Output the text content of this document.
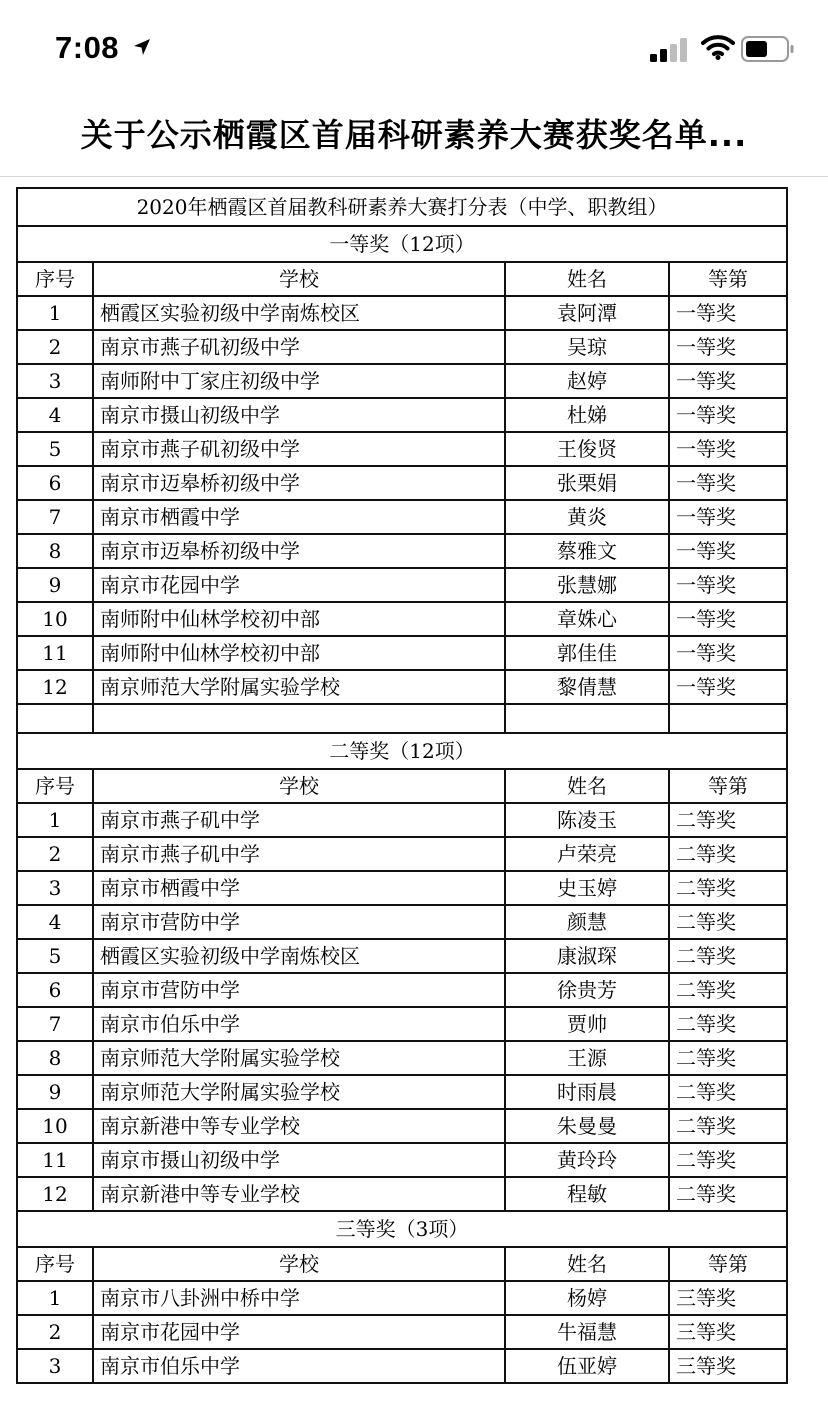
7:08
关于公示栖霞区首届科研素养大赛获奖名单...
2020年栖霞区首届教科研素养大赛打分表（中学、职教组）			
一等奖（12项）			
序号	学校	姓名	等第
1	栖霞区实验初级中学南炼校区	袁阿潭	一等奖
2	南京市燕子矶初级中学	吴琼	一等奖
3	南师附中丁家庄初级中学	赵婷	一等奖
4	南京市摄山初级中学	杜娣	一等奖
5	南京市燕子矶初级中学	王俊贤	一等奖
6	南京市迈皋桥初级中学	张栗娟	一等奖
7	南京市栖霞中学	黄炎	一等奖
8	南京市迈皋桥初级中学	蔡雅文	一等奖
9	南京市花园中学	张慧娜	一等奖
10	南师附中仙林学校初中部	章姝心	一等奖
11	南师附中仙林学校初中部	郭佳佳	一等奖
12	南京师范大学附属实验学校	黎倩慧	一等奖

二等奖（12项）			
序号	学校	姓名	等第
1	南京市燕子矶中学	陈凌玉	二等奖
2	南京市燕子矶中学	卢荣亮	二等奖
3	南京市栖霞中学	史玉婷	二等奖
4	南京市营防中学	颜慧	二等奖
5	栖霞区实验初级中学南炼校区	康淑琛	二等奖
6	南京市营防中学	徐贵芳	二等奖
7	南京市伯乐中学	贾帅	二等奖
8	南京师范大学附属实验学校	王源	二等奖
9	南京师范大学附属实验学校	时雨晨	二等奖
10	南京新港中等专业学校	朱曼曼	二等奖
11	南京市摄山初级中学	黄玲玲	二等奖
12	南京新港中等专业学校	程敏	二等奖
三等奖（3项）			
序号	学校	姓名	等第
1	南京市八卦洲中桥中学	杨婷	三等奖
2	南京市花园中学	牛福慧	三等奖
3	南京市伯乐中学	伍亚婷	三等奖
